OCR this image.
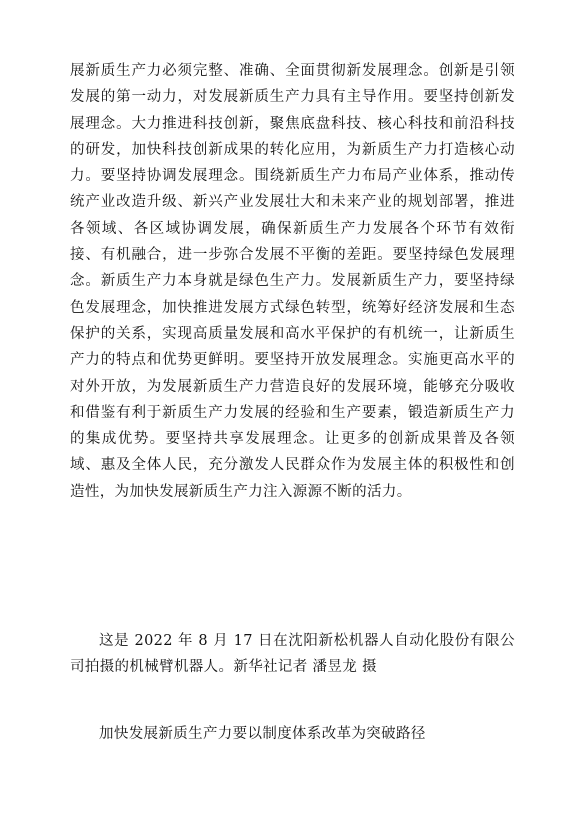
展新质生产力必须完整、准确、全面贯彻新发展理念。创新是引领发展的第一动力，对发展新质生产力具有主导作用。要坚持创新发展理念。大力推进科技创新，聚焦底盘科技、核心科技和前沿科技的研发，加快科技创新成果的转化应用，为新质生产力打造核心动力。要坚持协调发展理念。围绕新质生产力布局产业体系，推动传统产业改造升级、新兴产业发展壮大和未来产业的规划部署，推进各领域、各区域协调发展，确保新质生产力发展各个环节有效衔接、有机融合，进一步弥合发展不平衡的差距。要坚持绿色发展理念。新质生产力本身就是绿色生产力。发展新质生产力，要坚持绿色发展理念，加快推进发展方式绿色转型，统筹好经济发展和生态保护的关系，实现高质量发展和高水平保护的有机统一，让新质生产力的特点和优势更鲜明。要坚持开放发展理念。实施更高水平的对外开放，为发展新质生产力营造良好的发展环境，能够充分吸收和借鉴有利于新质生产力发展的经验和生产要素，锻造新质生产力的集成优势。要坚持共享发展理念。让更多的创新成果普及各领域、惠及全体人民，充分激发人民群众作为发展主体的积极性和创造性，为加快发展新质生产力注入源源不断的活力。

这是 2022 年 8 月 17 日在沈阳新松机器人自动化股份有限公司拍摄的机械臂机器人。新华社记者 潘昱龙 摄

加快发展新质生产力要以制度体系改革为突破路径
